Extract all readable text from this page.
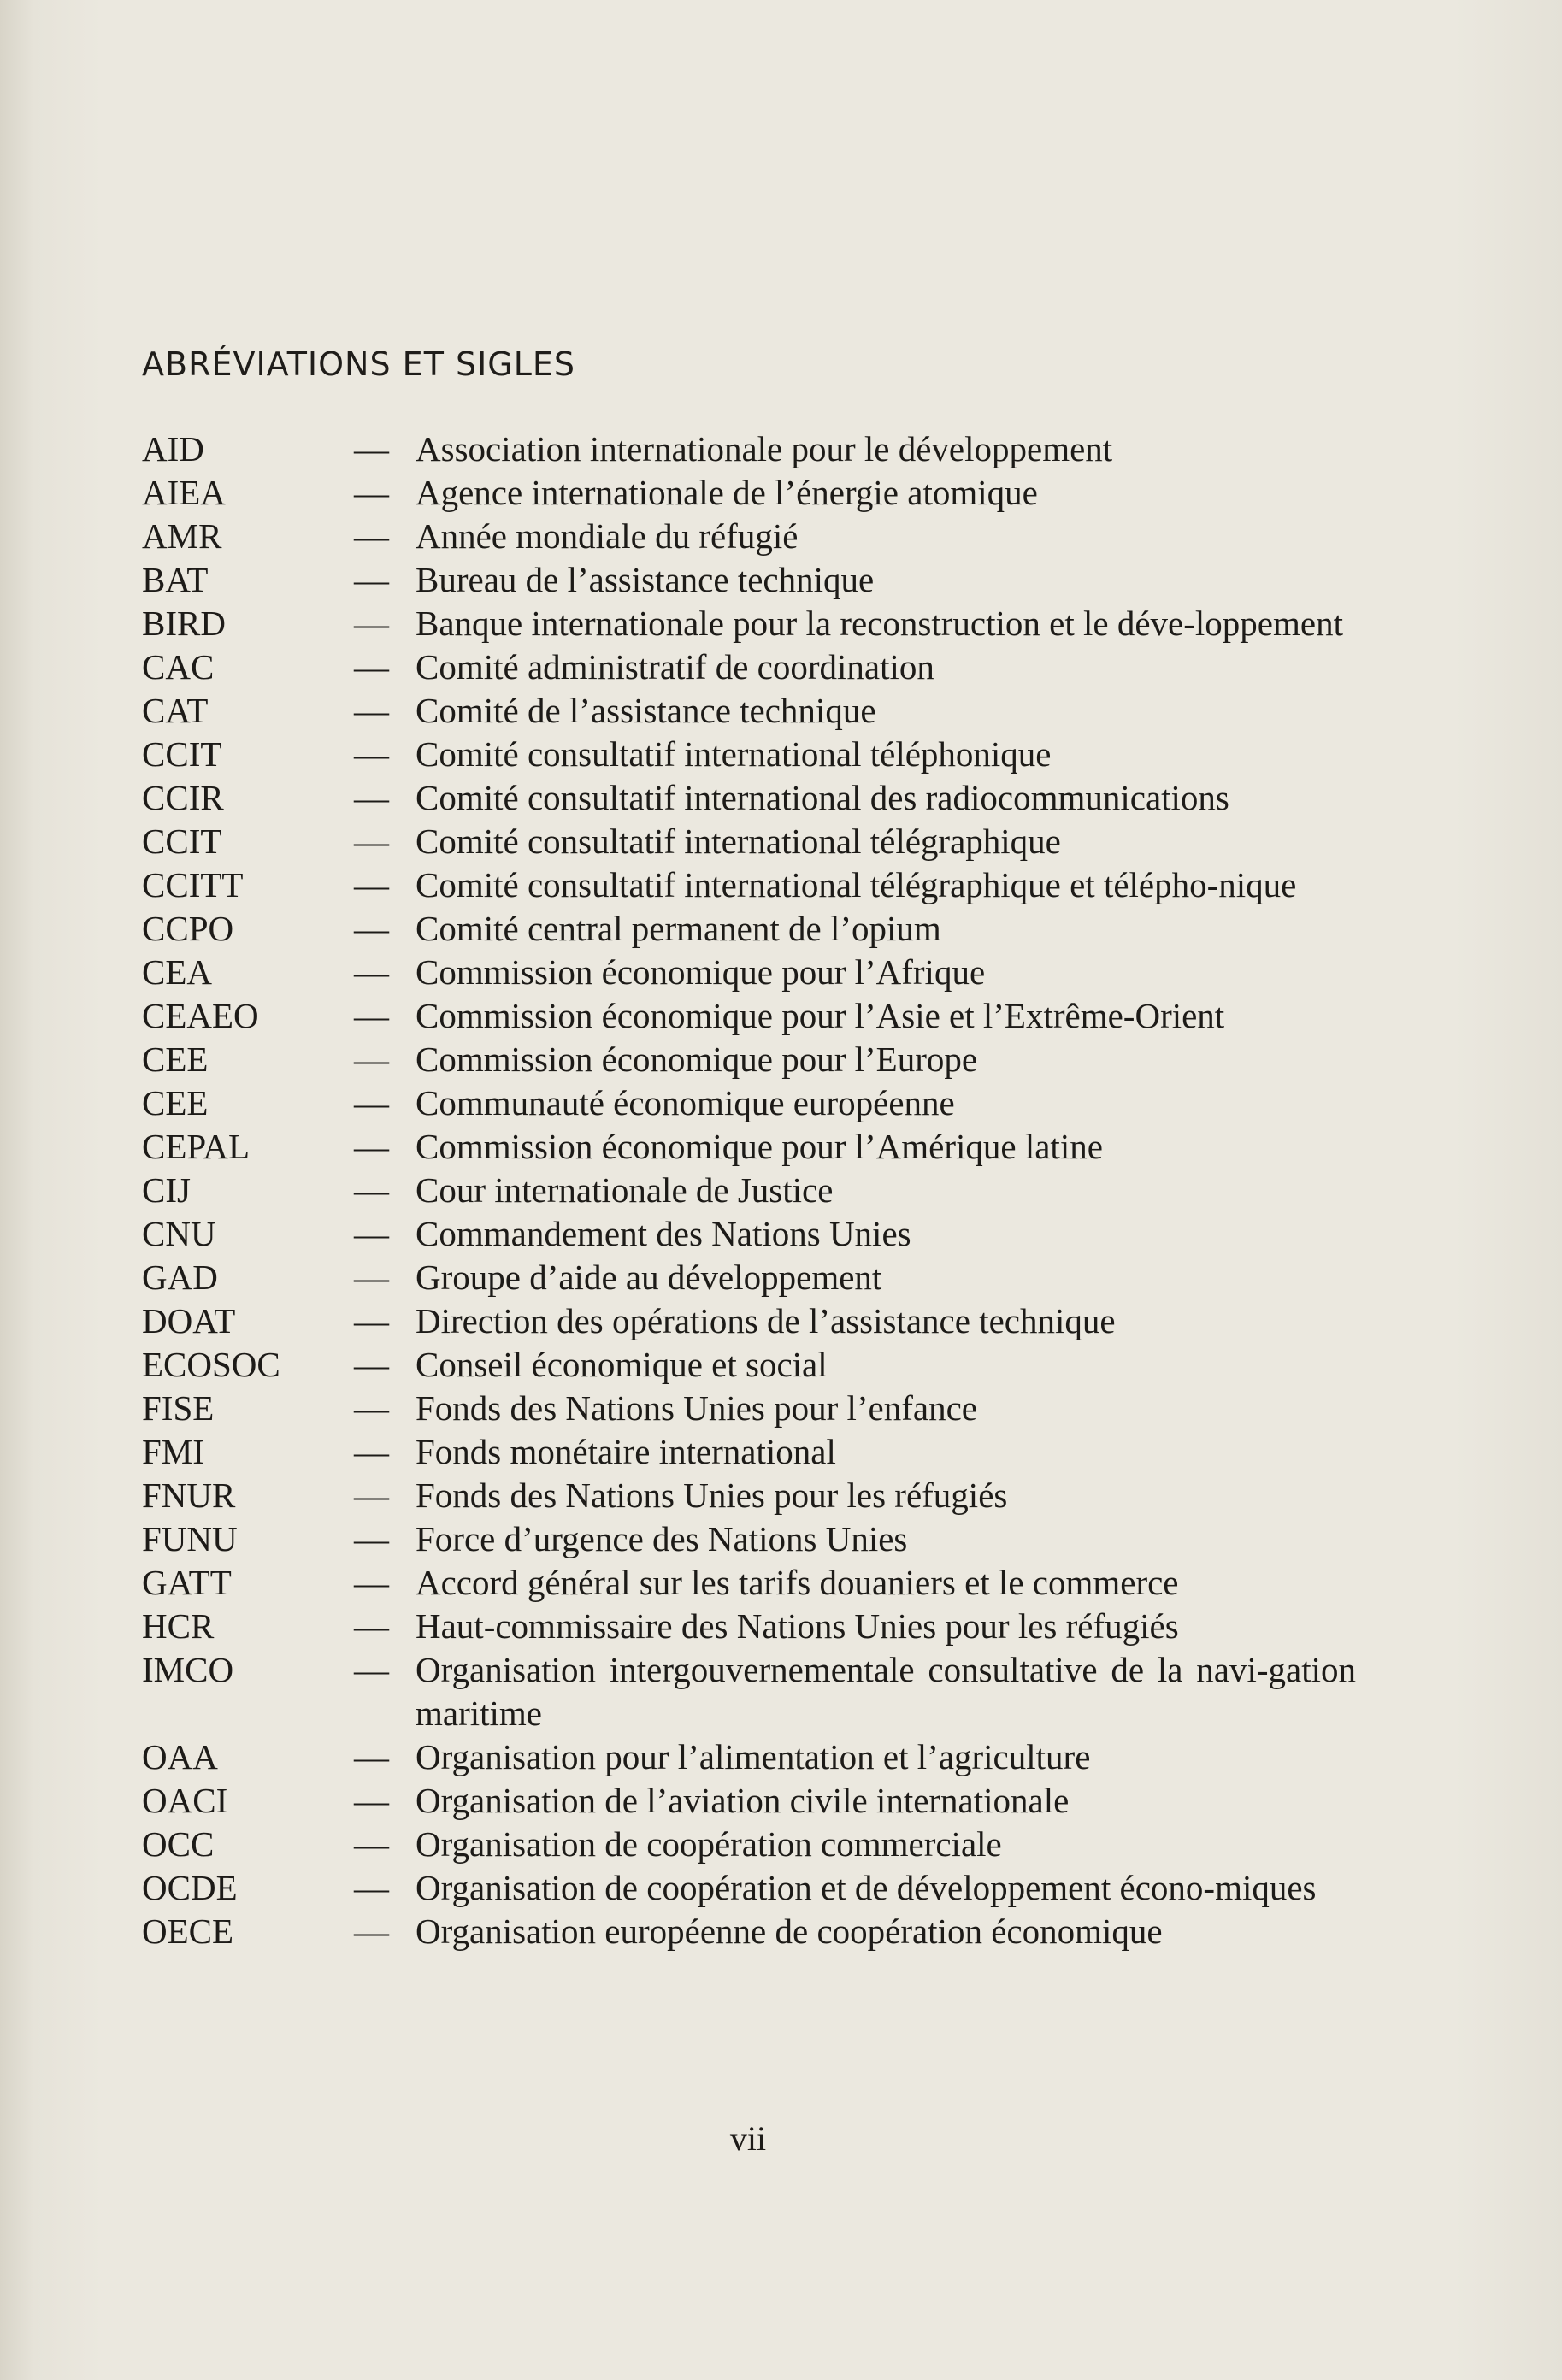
ABRÉVIATIONS ET SIGLES
AID	— Association internationale pour le développement
AIEA	— Agence internationale de l’énergie atomique
AMR	— Année mondiale du réfugié
BAT	— Bureau de l’assistance technique
BIRD	— Banque internationale pour la reconstruction et le déve-loppement
CAC	— Comité administratif de coordination
CAT	— Comité de l’assistance technique
CCIT	— Comité consultatif international téléphonique
CCIR	— Comité consultatif international des radiocommunications
CCIT	— Comité consultatif international télégraphique
CCITT	— Comité consultatif international télégraphique et télépho-nique
CCPO	— Comité central permanent de l’opium
CEA	— Commission économique pour l’Afrique
CEAEO	— Commission économique pour l’Asie et l’Extrême-Orient
CEE	— Commission économique pour l’Europe
CEE	— Communauté économique européenne
CEPAL	— Commission économique pour l’Amérique latine
CIJ	— Cour internationale de Justice
CNU	— Commandement des Nations Unies
GAD	— Groupe d’aide au développement
DOAT	— Direction des opérations de l’assistance technique
ECOSOC	— Conseil économique et social
FISE	— Fonds des Nations Unies pour l’enfance
FMI	— Fonds monétaire international
FNUR	— Fonds des Nations Unies pour les réfugiés
FUNU	— Force d’urgence des Nations Unies
GATT	— Accord général sur les tarifs douaniers et le commerce
HCR	— Haut-commissaire des Nations Unies pour les réfugiés
IMCO	— Organisation intergouvernementale consultative de la navi-gation maritime
OAA	— Organisation pour l’alimentation et l’agriculture
OACI	— Organisation de l’aviation civile internationale
OCC	— Organisation de coopération commerciale
OCDE	— Organisation de coopération et de développement écono-miques
OECE	— Organisation européenne de coopération économique
vii
